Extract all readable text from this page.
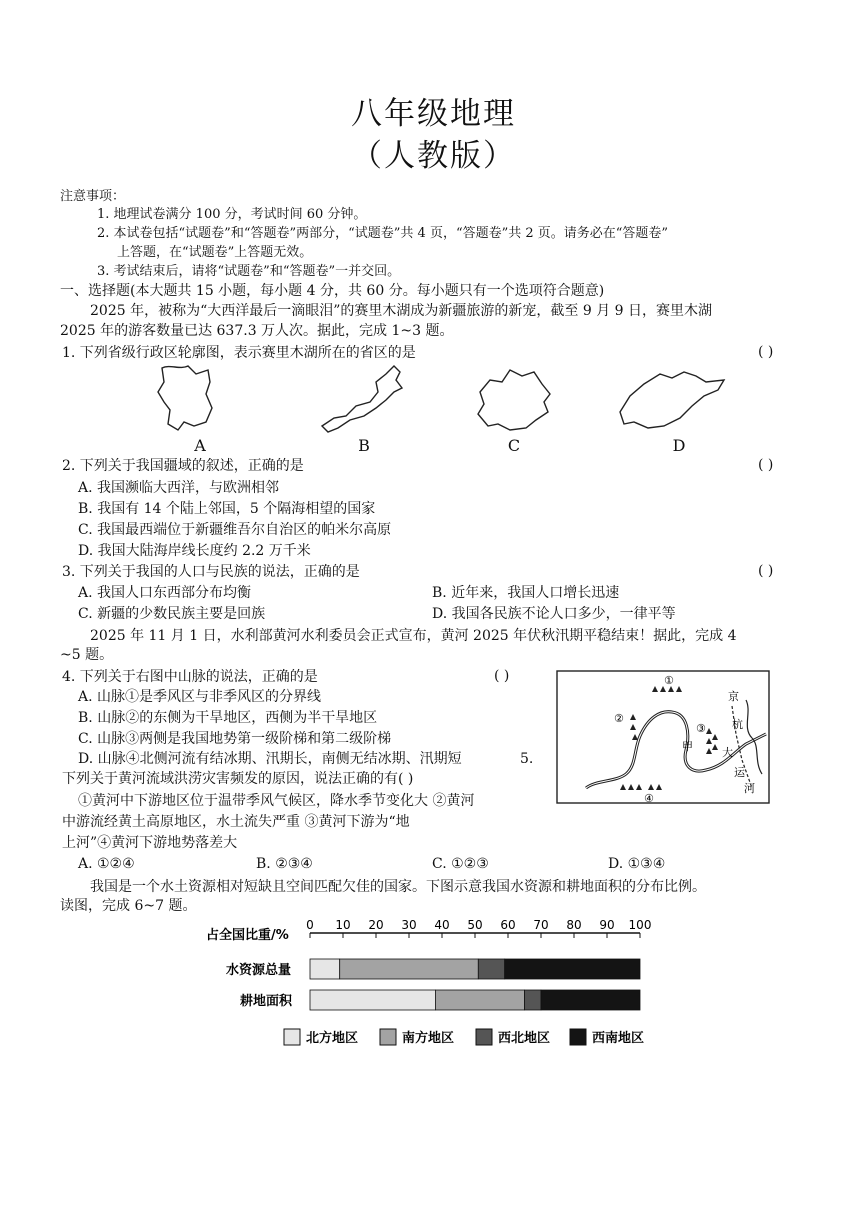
八年级地理
（人教版）
注意事项：
1. 地理试卷满分 100 分，考试时间 60 分钟。
2. 本试卷包括“试题卷”和“答题卷”两部分，“试题卷”共 4 页，“答题卷”共 2 页。请务必在“答题卷”
上答题，在“试题卷”上答题无效。
3. 考试结束后，请将“试题卷”和“答题卷”一并交回。
一、选择题(本大题共 15 小题，每小题 4 分，共 60 分。每小题只有一个选项符合题意)
2025 年，被称为“大西洋最后一滴眼泪”的赛里木湖成为新疆旅游的新宠，截至 9 月 9 日，赛里木湖
2025 年的游客数量已达 637.3 万人次。据此，完成 1~3 题。
1. 下列省级行政区轮廓图，表示赛里木湖所在的省区的是	( )
A	B	C	D
2. 下列关于我国疆域的叙述，正确的是	( )
A. 我国濒临大西洋，与欧洲相邻
B. 我国有 14 个陆上邻国，5 个隔海相望的国家
C. 我国最西端位于新疆维吾尔自治区的帕米尔高原
D. 我国大陆海岸线长度约 2.2 万千米
3. 下列关于我国的人口与民族的说法，正确的是	( )
A. 我国人口东西部分布均衡	B. 近年来，我国人口增长迅速
C. 新疆的少数民族主要是回族	D. 我国各民族不论人口多少，一律平等
2025 年 11 月 1 日，水利部黄河水利委员会正式宣布，黄河 2025 年伏秋汛期平稳结束！据此，完成 4
~5 题。
4. 下列关于右图中山脉的说法，正确的是	( )
A. 山脉①是季风区与非季风区的分界线
B. 山脉②的东侧为干旱地区，西侧为半干旱地区
C. 山脉③两侧是我国地势第一级阶梯和第二级阶梯
D. 山脉④北侧河流有结冰期、汛期长，南侧无结冰期、汛期短	5.
下列关于黄河流域洪涝灾害频发的原因，说法正确的有( )
①黄河中下游地区位于温带季风气候区，降水季节变化大 ②黄河
中游流经黄土高原地区，水土流失严重 ③黄河下游为“地
上河”④黄河下游地势落差大
A. ①②④	B. ②③④	C. ①②③	D. ①③④
①
②
③
④
甲
京
杭
大
运
河
我国是一个水土资源相对短缺且空间匹配欠佳的国家。下图示意我国水资源和耕地面积的分布比例。
读图，完成 6~7 题。
占全国比重/%
0 10 20 30 40 50 60 70 80 90 100
水资源总量
耕地面积
北方地区	南方地区	西北地区	西南地区
